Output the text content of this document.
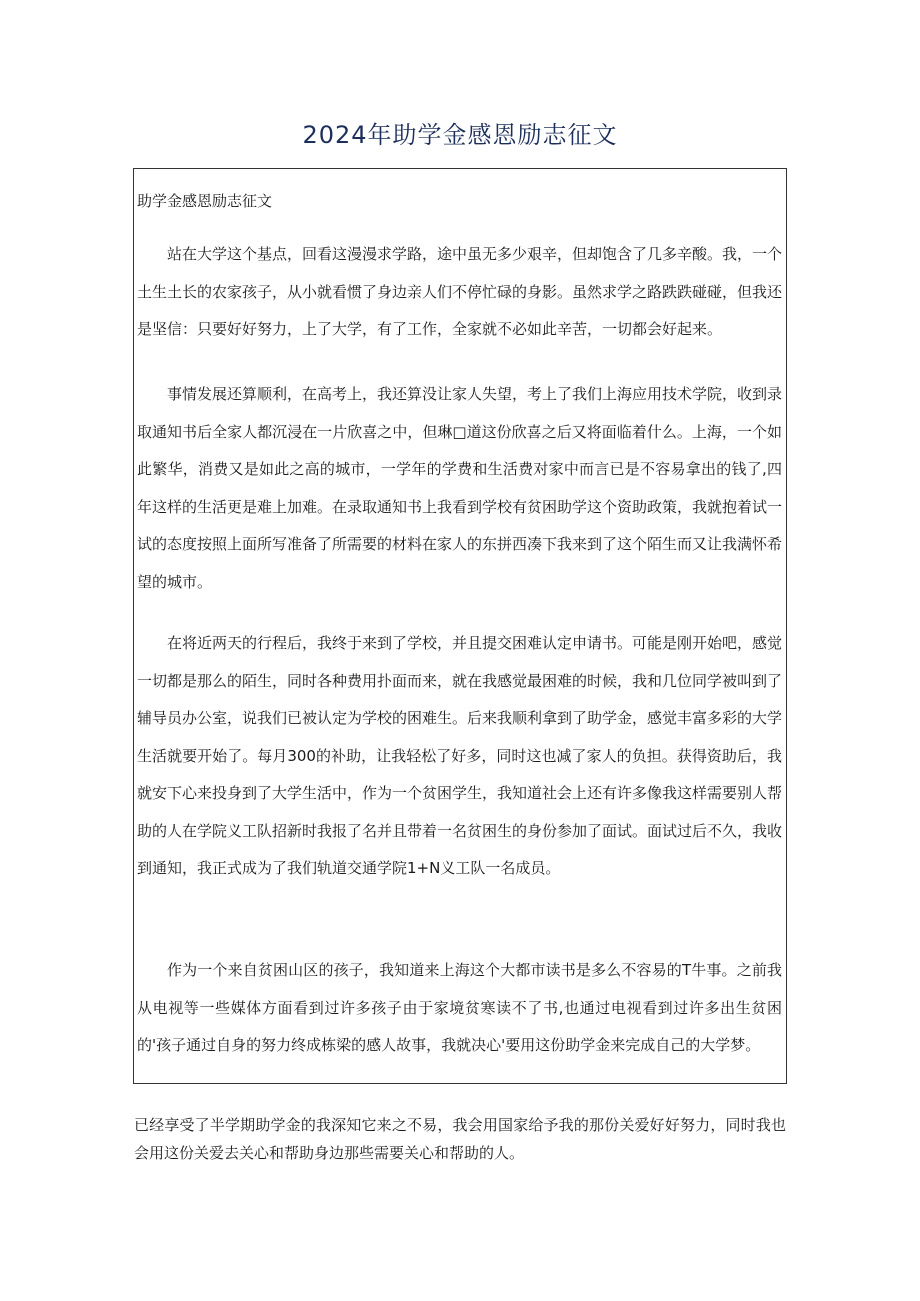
2024年助学金感恩励志征文

助学金感恩励志征文

站在大学这个基点，回看这漫漫求学路，途中虽无多少艰辛，但却饱含了几多辛酸。我，一个土生土长的农家孩子，从小就看惯了身边亲人们不停忙碌的身影。虽然求学之路跌跌碰碰，但我还是坚信：只要好好努力，上了大学，有了工作，全家就不必如此辛苦，一切都会好起来。

事情发展还算顺利，在高考上，我还算没让家人失望，考上了我们上海应用技术学院，收到录取通知书后全家人都沉浸在一片欣喜之中，但琳□道这份欣喜之后又将面临着什么。上海，一个如此繁华，消费又是如此之高的城市，一学年的学费和生活费对家中而言已是不容易拿出的钱了,四年这样的生活更是难上加难。在录取通知书上我看到学校有贫困助学这个资助政策，我就抱着试一试的态度按照上面所写准备了所需要的材料在家人的东拼西凑下我来到了这个陌生而又让我满怀希望的城市。

在将近两天的行程后，我终于来到了学校，并且提交困难认定申请书。可能是刚开始吧，感觉一切都是那么的陌生，同时各种费用扑面而来，就在我感觉最困难的时候，我和几位同学被叫到了辅导员办公室，说我们已被认定为学校的困难生。后来我顺利拿到了助学金，感觉丰富多彩的大学生活就要开始了。每月300的补助，让我轻松了好多，同时这也减了家人的负担。获得资助后，我就安下心来投身到了大学生活中，作为一个贫困学生，我知道社会上还有许多像我这样需要别人帮助的人在学院义工队招新时我报了名并且带着一名贫困生的身份参加了面试。面试过后不久，我收到通知，我正式成为了我们轨道交通学院1+N义工队一名成员。

作为一个来自贫困山区的孩子，我知道来上海这个大都市读书是多么不容易的T牛事。之前我从电视等一些媒体方面看到过许多孩子由于家境贫寒读不了书,也通过电视看到过许多出生贫困的'孩子通过自身的努力终成栋梁的感人故事，我就决心'要用这份助学金来完成自己的大学梦。

已经享受了半学期助学金的我深知它来之不易，我会用国家给予我的那份关爱好好努力，同时我也会用这份关爱去关心和帮助身边那些需要关心和帮助的人。
